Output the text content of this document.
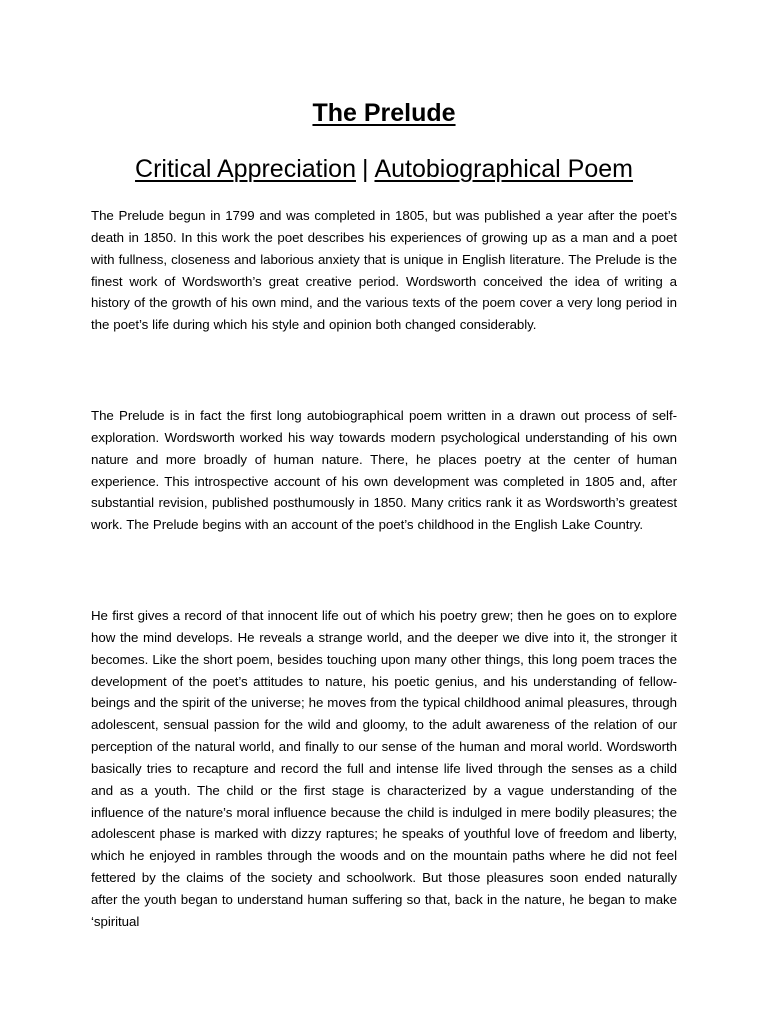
The Prelude
Critical Appreciation | Autobiographical Poem

The Prelude begun in 1799 and was completed in 1805, but was published a year after the poet’s death in 1850. In this work the poet describes his experiences of growing up as a man and a poet with fullness, closeness and laborious anxiety that is unique in English literature. The Prelude is the finest work of Wordsworth’s great creative period. Wordsworth conceived the idea of writing a history of the growth of his own mind, and the various texts of the poem cover a very long period in the poet’s life during which his style and opinion both changed considerably.

The Prelude is in fact the first long autobiographical poem written in a drawn out process of self- exploration. Wordsworth worked his way towards modern psychological understanding of his own nature and more broadly of human nature. There, he places poetry at the center of human experience. This introspective account of his own development was completed in 1805 and, after substantial revision, published posthumously in 1850. Many critics rank it as Wordsworth’s greatest work. The Prelude begins with an account of the poet’s childhood in the English Lake Country.

He first gives a record of that innocent life out of which his poetry grew; then he goes on to explore how the mind develops. He reveals a strange world, and the deeper we dive into it, the stronger it becomes. Like the short poem, besides touching upon many other things, this long poem traces the development of the poet’s attitudes to nature, his poetic genius, and his understanding of fellow-beings and the spirit of the universe; he moves from the typical childhood animal pleasures, through adolescent, sensual passion for the wild and gloomy, to the adult awareness of the relation of our perception of the natural world, and finally to our sense of the human and moral world. Wordsworth basically tries to recapture and record the full and intense life lived through the senses as a child and as a youth. The child or the first stage is characterized by a vague understanding of the influence of the nature’s moral influence because the child is indulged in mere bodily pleasures; the adolescent phase is marked with dizzy raptures; he speaks of youthful love of freedom and liberty, which he enjoyed in rambles through the woods and on the mountain paths where he did not feel fettered by the claims of the society and schoolwork. But those pleasures soon ended naturally after the youth began to understand human suffering so that, back in the nature, he began to make ‘spiritual
